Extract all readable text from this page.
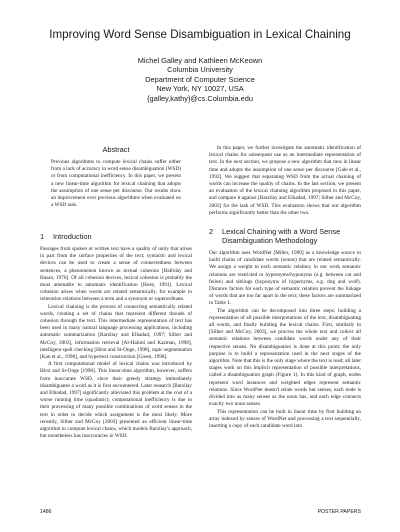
Improving Word Sense Disambiguation in Lexical Chaining
Michel Galley and Kathleen McKeown
Columbia University
Department of Computer Science
New York, NY 10027, USA
{galley,kathy}@cs.Columbia.edu
Abstract

Previous algorithms to compute lexical chains suffer either from a lack of accuracy in word sense disambiguation (WSD) or from computational inefficiency. In this paper, we present a new linear-time algorithm for lexical chaining that adopts the assumption of one sense per discourse. Our results show an improvement over previous algorithms when evaluated on a WSD task.

1 Introduction

Passages from spoken or written text have a quality of unity that arises in part from the surface properties of the text; syntactic and lexical devices can be used to create a sense of connectedness between sentences, a phenomenon known as textual cohesion [Halliday and Hasan, 1976]. Of all cohesion devices, lexical cohesion is probably the most amenable to automatic identification [Hoey, 1991]. Lexical cohesion arises when words are related semantically, for example in reiteration relations between a term and a synonym or superordinate.

Lexical chaining is the process of connecting semantically related words, creating a set of chains that represent different threads of cohesion through the text. This intermediate representation of text has been used in many natural language processing applications, including automatic summarization [Barzilay and Elhadad, 1997; Silber and McCoy, 2003], information retrieval [Al-Halimi and Kazman, 1998], intelligent spell checking [Hirst and St-Onge, 1998], topic segmentation [Kan et al., 1998], and hypertext construction [Green, 1998].

A first computational model of lexical chains was introduced by Hirst and St-Onge [1998]. This linear-time algorithm, however, suffers from inaccurate WSD, since their greedy strategy immediately disambiguates a word as it is first encountered. Later research [Barzilay and Elhadad, 1997] significantly alleviated this problem at the cost of a worse running time (quadratic); computational inefficiency is due to their processing of many possible combinations of word senses in the text in order to decide which assignment is the most likely. More recently, Silber and McCoy [2003] presented an efficient linear-time algorithm to compute lexical chains, which models Barzilay's approach, but nonetheless has inaccuracies in WSD.

In this paper, we further investigate the automatic identification of lexical chains for subsequent use as an intermediate representation of text. In the next section, we propose a new algorithm that runs in linear time and adopts the assumption of one sense per discourse [Gale et al., 1992]. We suggest that separating WSD from the actual chaining of words can increase the quality of chains. In the last section, we present an evaluation of the lexical chaining algorithm proposed in this paper, and compare it against [Barzilay and Elhadad, 1997; Silber and McCoy, 2003] for the task of WSD. This evaluation shows that our algorithm performs significantly better than the other two.

2 Lexical Chaining with a Word Sense
Disambiguation Methodology

Our algorithm uses WordNet [Miller, 1990] as a knowledge source to build chains of candidate words (nouns) that are related semantically. We assign a weight to each semantic relation; in our work semantic relations are restricted to hypernyms/hyponyms (e.g. between cat and feline) and siblings (hyponyms of hypernyms, e.g. dog and wolf). Distance factors for each type of semantic relation prevent the linkage of words that are too far apart in the text; these factors are summarized in Table 1.

The algorithm can be decomposed into three steps: building a representation of all possible interpretations of the text, disambiguating all words, and finally building the lexical chains. First, similarly to [Silber and McCoy, 2003], we process the whole text and collect all semantic relations between candidate words under any of their respective senses. No disambiguation is done at this point; the only purpose is to build a representation used in the next stages of the algorithm. Note that this is the only stage where the text is read; all later stages work on this implicit representation of possible interpretations, called a disambiguation graph (Figure 1). In this kind of graph, nodes represent word instances and weighted edges represent semantic relations. Since WordNet doesn't relate words but senses, each node is divided into as many senses as the noun has, and each edge connects exactly two noun senses.

This representation can be built in linear time by first building an array indexed by senses of WordNet and processing a text sequentially, inserting a copy of each candidate word into

1486	POSTER PAPERS
